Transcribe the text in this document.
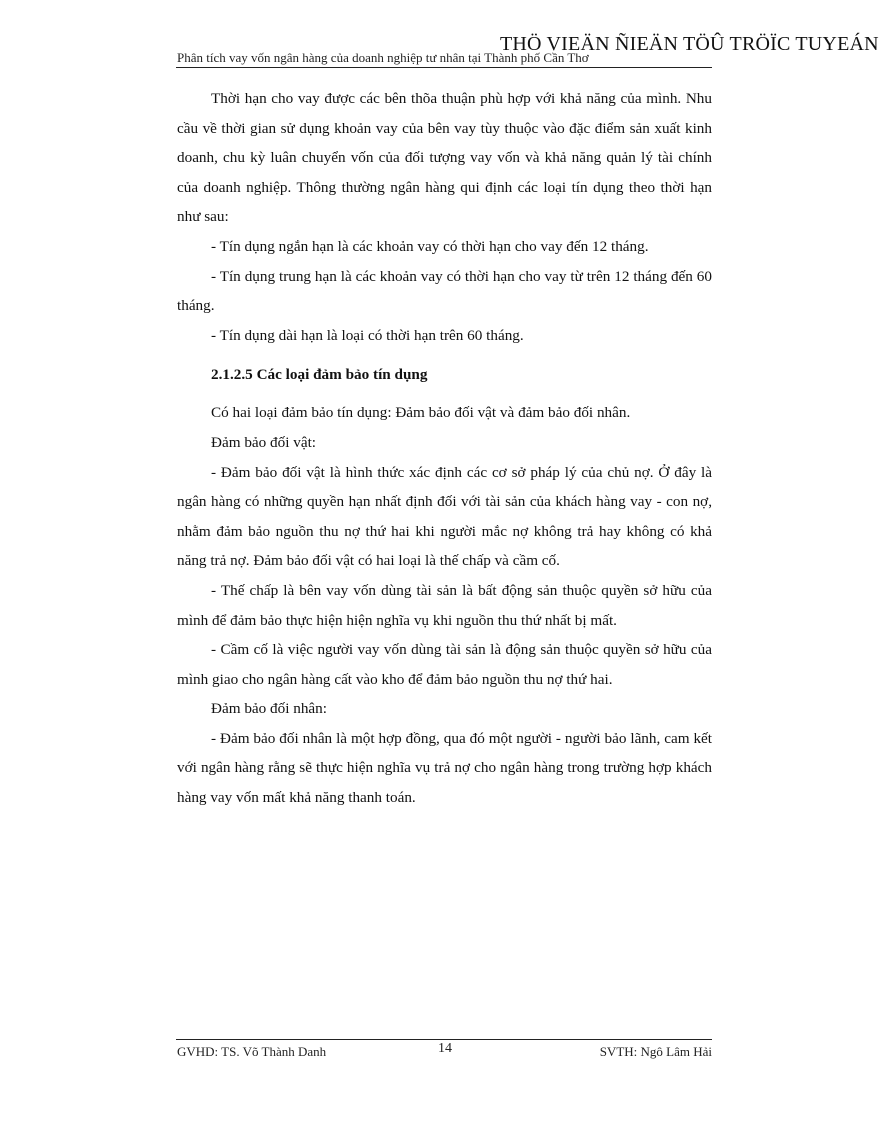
THÖ VIEÄN ÑIEÄN TÖÛ TRÖÏC TUYEÁN
Phân tích vay vốn ngân hàng của doanh nghiệp tư nhân tại Thành phố Cần Thơ

Thời hạn cho vay được các bên thõa thuận phù hợp với khả năng của mình. Nhu cầu về thời gian sử dụng khoản vay của bên vay tùy thuộc vào đặc điểm sản xuất kinh doanh, chu kỳ luân chuyển vốn của đối tượng vay vốn và khả năng quản lý tài chính của doanh nghiệp. Thông thường ngân hàng qui định các loại tín dụng theo thời hạn như sau:

- Tín dụng ngắn hạn là các khoản vay có thời hạn cho vay đến 12 tháng.

- Tín dụng trung hạn là các khoản vay có thời hạn cho vay từ trên 12 tháng đến 60 tháng.

- Tín dụng dài hạn là loại có thời hạn trên 60 tháng.

2.1.2.5 Các loại đảm bảo tín dụng

Có hai loại đảm bảo tín dụng: Đảm bảo đối vật và đảm bảo đối nhân.

Đảm bảo đối vật:

- Đảm bảo đối vật là hình thức xác định các cơ sở pháp lý của chủ nợ. Ở đây là ngân hàng có những quyền hạn nhất định đối với tài sản của khách hàng vay - con nợ, nhằm đảm bảo nguồn thu nợ thứ hai khi người mắc nợ không trả hay không có khả năng trả nợ. Đảm bảo đối vật có hai loại là thế chấp và cầm cố.

- Thế chấp là bên vay vốn dùng tài sản là bất động sản thuộc quyền sở hữu của mình để đảm bảo thực hiện hiện nghĩa vụ khi nguồn thu thứ nhất bị mất.

- Cầm cố là việc người vay vốn dùng tài sản là động sản thuộc quyền sở hữu của mình giao cho ngân hàng cất vào kho để đảm bảo nguồn thu nợ thứ hai.

Đảm bảo đối nhân:

- Đảm bảo đối nhân là một hợp đồng, qua đó một người - người bảo lãnh, cam kết với ngân hàng rằng sẽ thực hiện nghĩa vụ trả nợ cho ngân hàng trong trường hợp khách hàng vay vốn mất khả năng thanh toán.

GVHD: TS. Võ Thành Danh	14	SVTH: Ngô Lâm Hải
